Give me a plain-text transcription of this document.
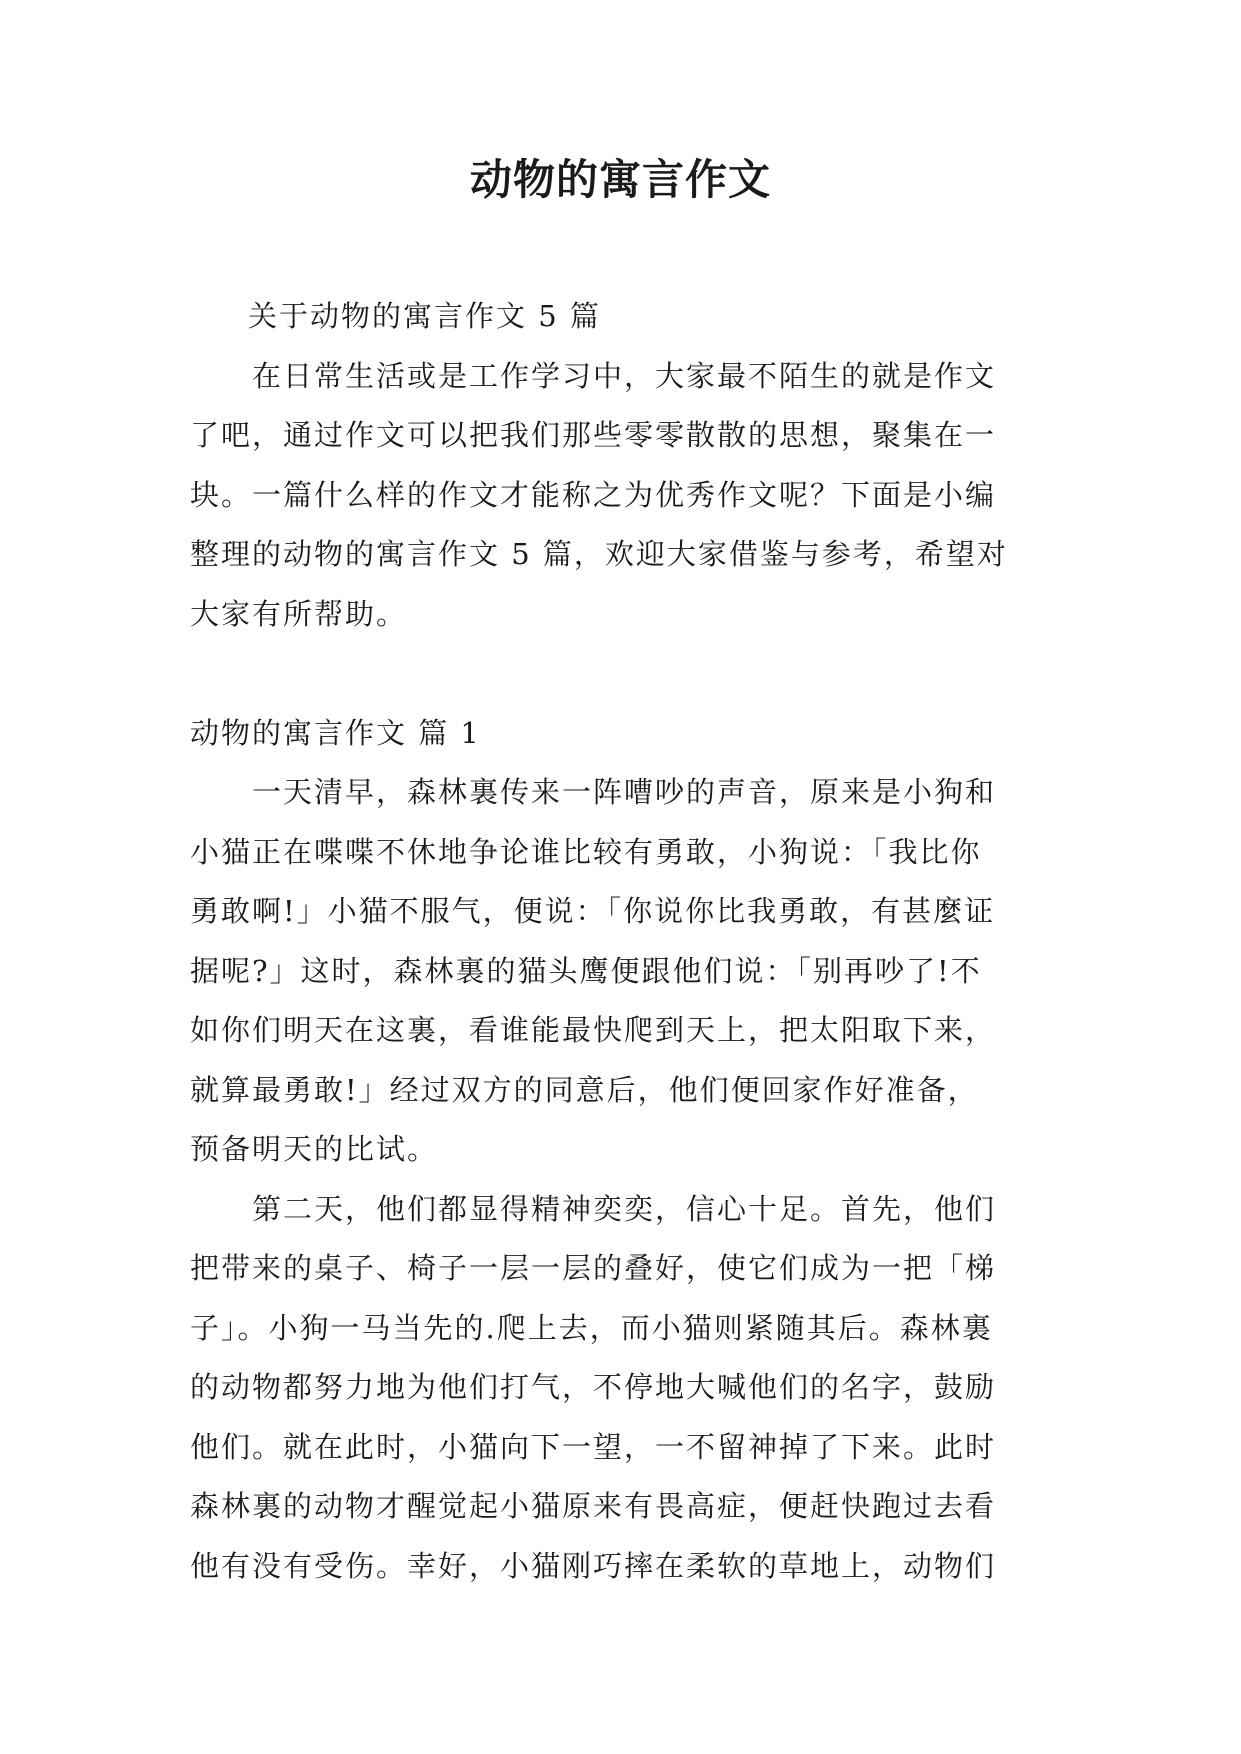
动物的寓言作文

关于动物的寓言作文 5 篇

在日常生活或是工作学习中，大家最不陌生的就是作文
了吧，通过作文可以把我们那些零零散散的思想，聚集在一
块。一篇什么样的作文才能称之为优秀作文呢？下面是小编
整理的动物的寓言作文 5 篇，欢迎大家借鉴与参考，希望对
大家有所帮助。

动物的寓言作文 篇 1

一天清早，森林裏传来一阵嘈吵的声音，原来是小狗和
小猫正在喋喋不休地争论谁比较有勇敢，小狗说：「我比你
勇敢啊!」小猫不服气，便说：「你说你比我勇敢，有甚麼证
据呢?」这时，森林裏的猫头鹰便跟他们说：「别再吵了!不
如你们明天在这裏，看谁能最快爬到天上，把太阳取下来，
就算最勇敢!」经过双方的同意后，他们便回家作好准备，
预备明天的比试。

第二天，他们都显得精神奕奕，信心十足。首先，他们
把带来的桌子、椅子一层一层的叠好，使它们成为一把「梯
子」。小狗一马当先的.爬上去，而小猫则紧随其后。森林裏
的动物都努力地为他们打气，不停地大喊他们的名字，鼓励
他们。就在此时，小猫向下一望，一不留神掉了下来。此时
森林裏的动物才醒觉起小猫原来有畏高症，便赶快跑过去看
他有没有受伤。幸好，小猫刚巧摔在柔软的草地上，动物们
